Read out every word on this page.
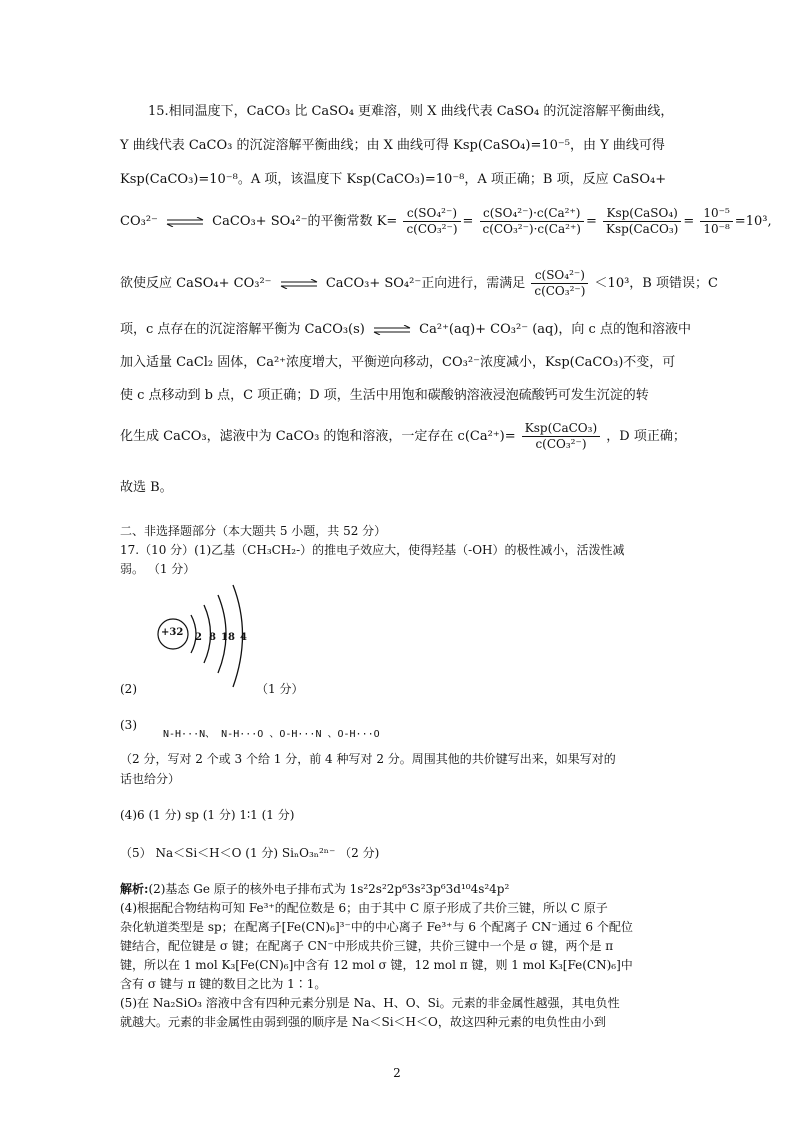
15.相同温度下，CaCO₃ 比 CaSO₄ 更难溶，则 X 曲线代表 CaSO₄ 的沉淀溶解平衡曲线，
Y 曲线代表 CaCO₃ 的沉淀溶解平衡曲线；由 X 曲线可得 Ksp(CaSO₄)=10⁻⁵，由 Y 曲线可得
Ksp(CaCO₃)=10⁻⁸。A 项，该温度下 Ksp(CaCO₃)=10⁻⁸，A 项正确；B 项，反应 CaSO₄+
CO₃²⁻ ⇌ CaCO₃+ SO₄²⁻的平衡常数 $K= \frac{\text{c(SO₄²⁻)}}{\text{c(CO₃²⁻)}} = \frac{\text{c(SO₄²⁻)·c(Ca²⁺)}}{\text{c(CO₃²⁻)·c(Ca²⁺)}} = \frac{\text{Ksp(CaSO₄)}}{\text{Ksp(CaCO₃)}} = \frac{\text{10⁻⁵}}{\text{10⁻⁸}} =10^3$,
欲使反应 CaSO₄+ CO₃²⁻ ⇌ CaCO₃+ SO₄²⁻正向进行，需满足 $\frac{\text{c(SO₄²⁻)}}{\text{c(CO₃²⁻)}} <10^3$，B 项错误；C
项，c 点存在的沉淀溶解平衡为 CaCO₃(s) ⇌ Ca²⁺(aq)+ CO₃²⁻ (aq)，向 c 点的饱和溶液中
加入适量 CaCl₂ 固体，Ca²⁺浓度增大，平衡逆向移动，CO₃²⁻浓度减小，Ksp(CaCO₃)不变，可
使 c 点移动到 b 点，C 项正确；D 项，生活中用饱和碳酸钠溶液浸泡硫酸钙可发生沉淀的转
化生成 CaCO₃，滤液中为 CaCO₃ 的饱和溶液，一定存在 $c(Ca^{2+})= \frac{\text{Ksp(CaCO₃)}}{\text{c(CO₃²⁻)}}$ ，D 项正确；
故选 B。
二、非选择题部分（本大题共 5 小题，共 52 分）
17.（10 分）(1)乙基（CH₃CH₂-）的推电子效应大，使得羟基（-OH）的极性减小，活泼性减
弱。 （1 分）
+32 2 8 18 4
(2)	（1 分）
(3)
N-H···N、 N-H···O 、O-H···N 、O-H···O
（2 分，写对 2 个或 3 个给 1 分，前 4 种写对 2 分。周围其他的共价键写出来，如果写对的
话也给分）
(4)6 (1 分) sp (1 分) 1∶1 (1 分)
（5） Na＜Si＜H＜O (1 分) SiₙO₃ₙ²ⁿ⁻ （2 分)
解析:(2)基态 Ge 原子的核外电子排布式为 1s²2s²2p⁶3s²3p⁶3d¹⁰4s²4p²
(4)根据配合物结构可知 Fe³⁺的配位数是 6；由于其中 C 原子形成了共价三键，所以 C 原子
杂化轨道类型是 sp；在配离子[Fe(CN)₆]³⁻中的中心离子 Fe³⁺与 6 个配离子 CN⁻通过 6 个配位
键结合，配位键是 σ 键；在配离子 CN⁻中形成共价三键，共价三键中一个是 σ 键，两个是 π
键，所以在 1 mol K₃[Fe(CN)₆]中含有 12 mol σ 键，12 mol π 键，则 1 mol K₃[Fe(CN)₆]中
含有 σ 键与 π 键的数目之比为 1∶1。
(5)在 Na₂SiO₃ 溶液中含有四种元素分别是 Na、H、O、Si。元素的非金属性越强，其电负性
就越大。元素的非金属性由弱到强的顺序是 Na＜Si＜H＜O，故这四种元素的电负性由小到
2
